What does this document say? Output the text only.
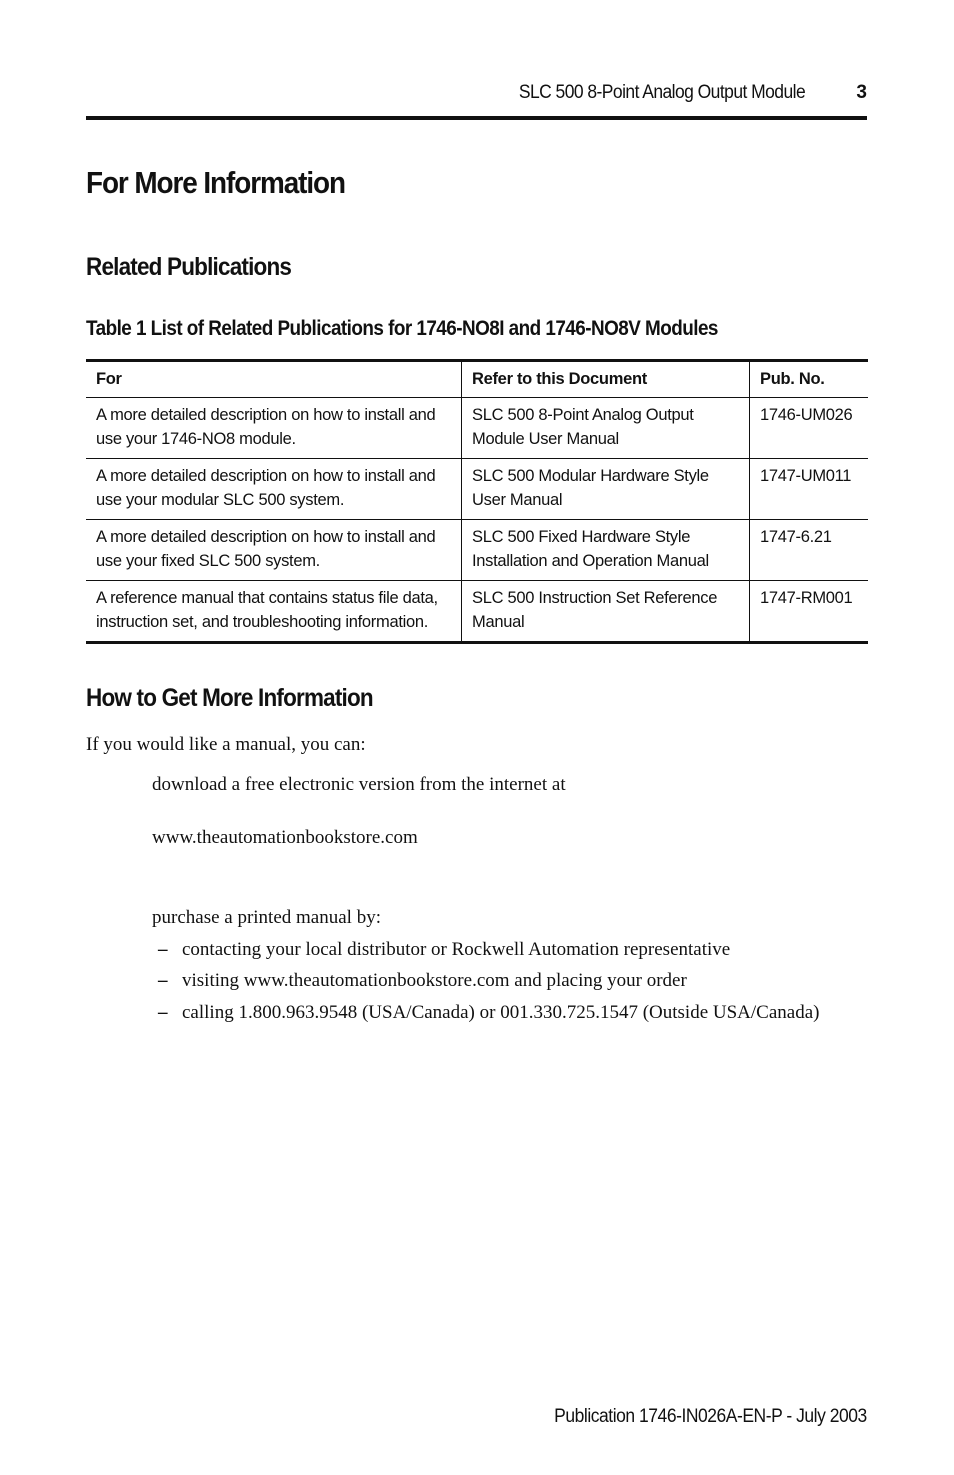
SLC 500 8-Point Analog Output Module	3
For More Information
Related Publications
Table 1 List of Related Publications for 1746-NO8I and 1746-NO8V Modules
For	Refer to this Document	Pub. No.
A more detailed description on how to install and use your 1746-NO8 module.	SLC 500 8-Point Analog Output Module User Manual	1746-UM026
A more detailed description on how to install and use your modular SLC 500 system.	SLC 500 Modular Hardware Style User Manual	1747-UM011
A more detailed description on how to install and use your fixed SLC 500 system.	SLC 500 Fixed Hardware Style Installation and Operation Manual	1747-6.21
A reference manual that contains status file data, instruction set, and troubleshooting information.	SLC 500 Instruction Set Reference Manual	1747-RM001
How to Get More Information
If you would like a manual, you can:
download a free electronic version from the internet at
www.theautomationbookstore.com
purchase a printed manual by:
– contacting your local distributor or Rockwell Automation representative
– visiting www.theautomationbookstore.com and placing your order
– calling 1.800.963.9548 (USA/Canada) or 001.330.725.1547 (Outside USA/Canada)
Publication 1746-IN026A-EN-P - July 2003
